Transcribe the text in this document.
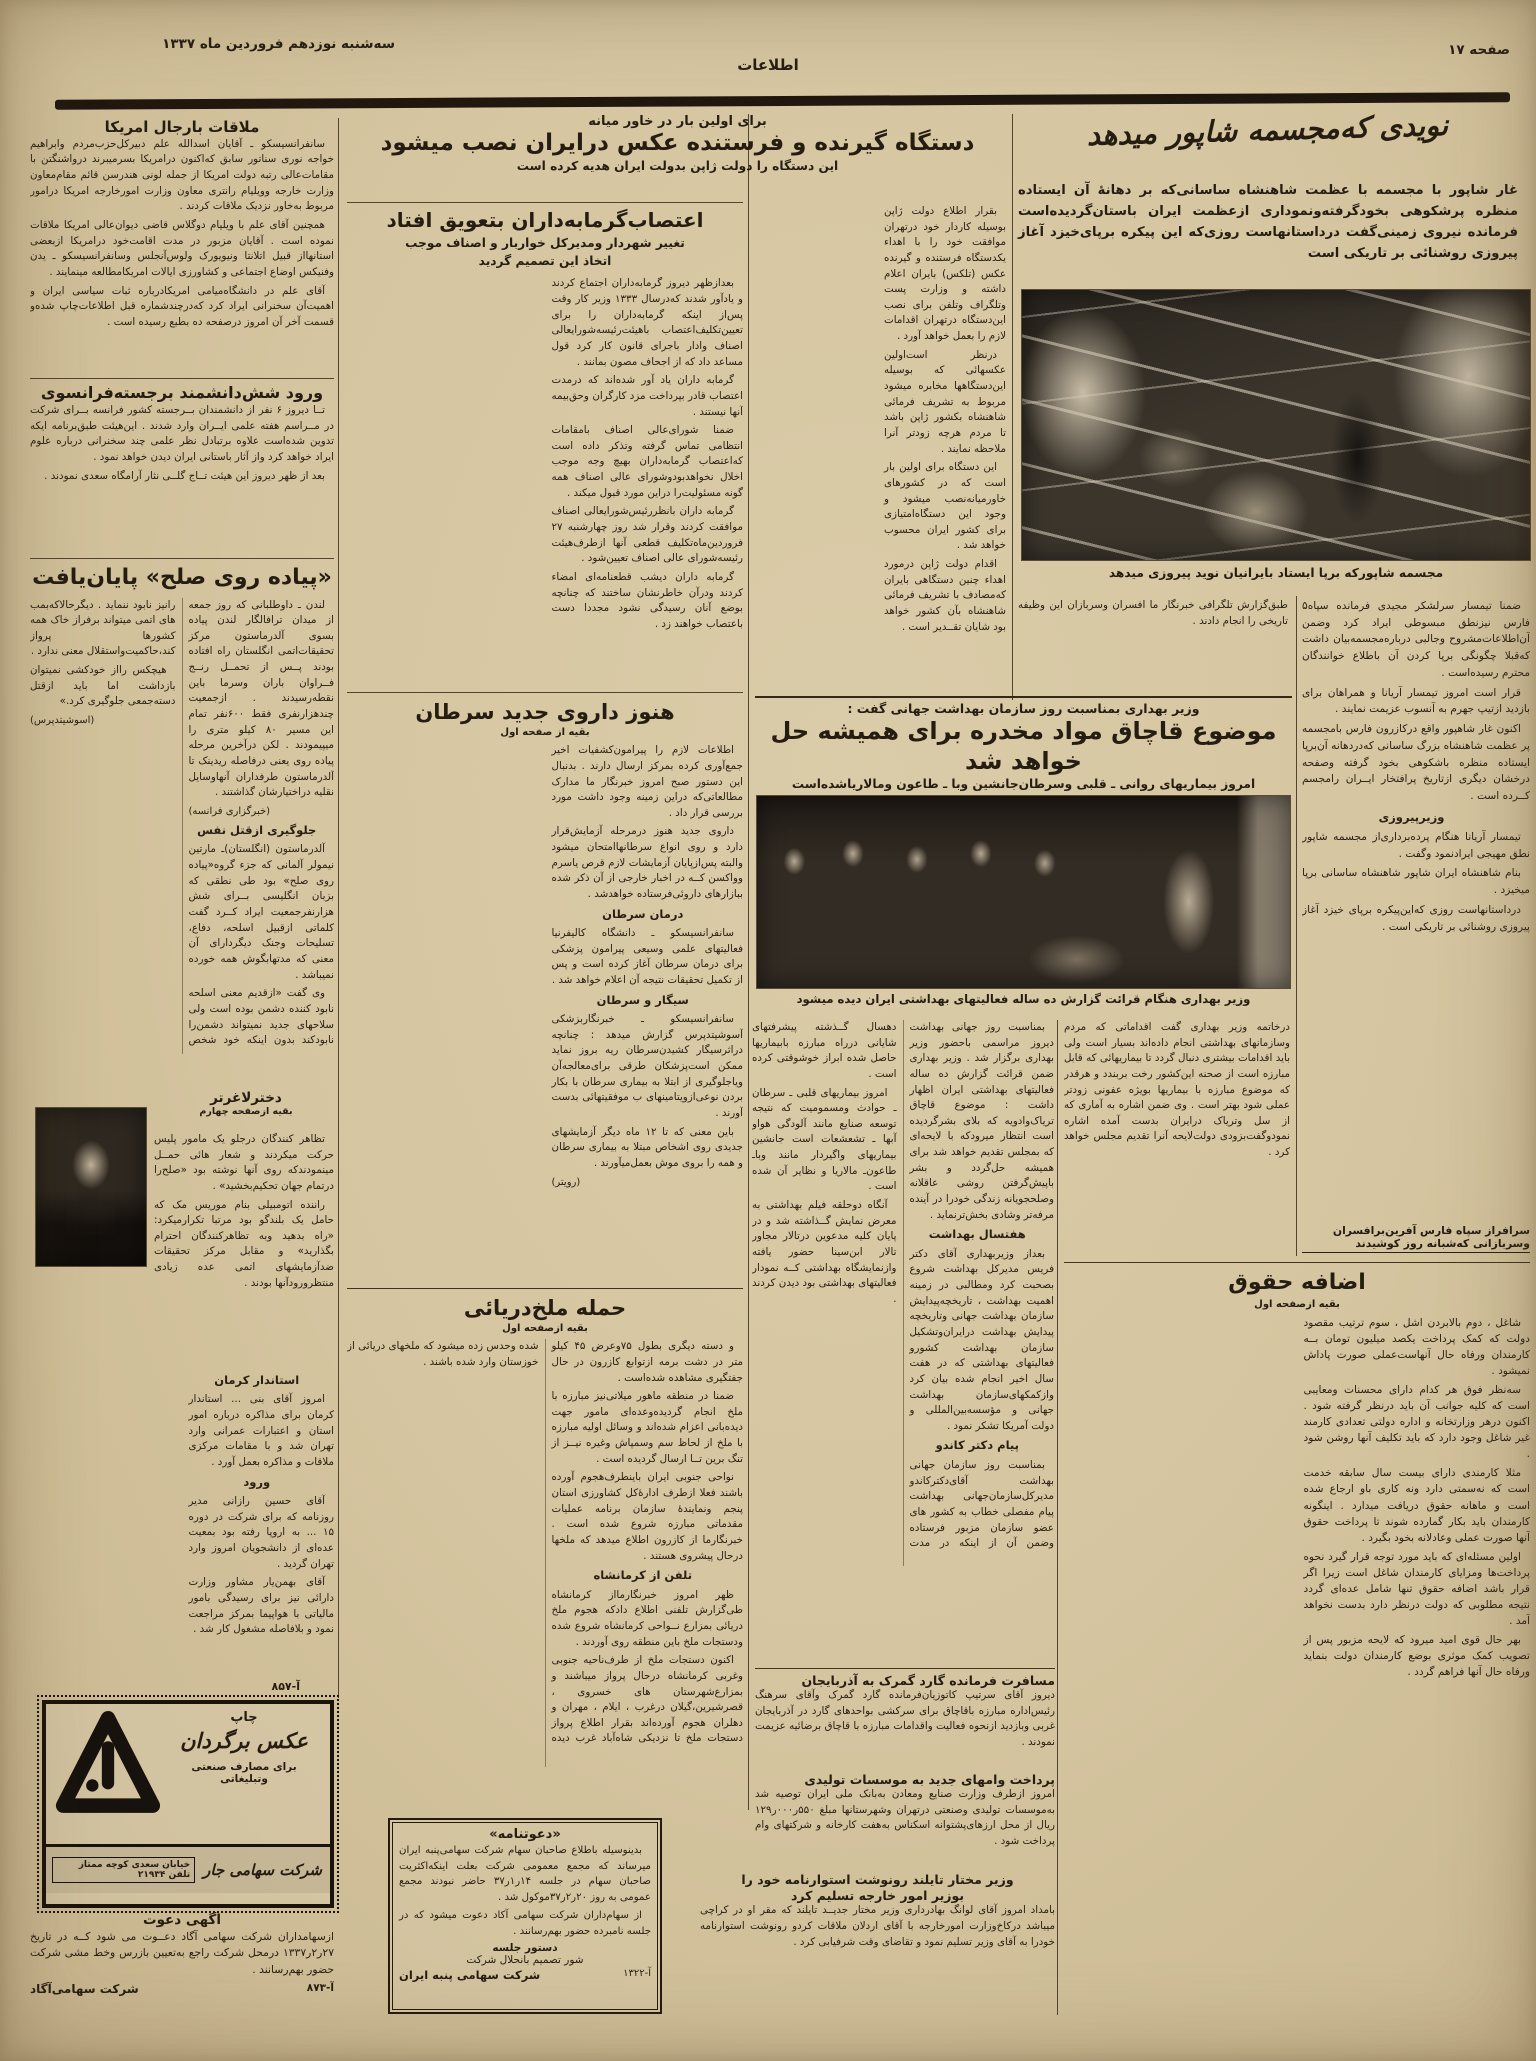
سه‌شنبه نوزدهم فروردین ماه ۱۳۳۷
اطلاعات
صفحه ۱۷
ملاقات بارجال امریکا

سانفرانسیسکو ـ آقایان اسدالله علم دبیرکل‌حزب‌مردم وابراهیم خواجه نوری سناتور سابق که‌اکنون درامریکا بسرمیبرند درواشنگتن با مقامات‌عالی رتبه دولت امریکا از جمله لونی هندرسن قائم مقام‌معاون وزارت خارجه وویلیام رانتری معاون وزارت امورخارجه امریکا درامور مربوط به‌خاور نزدیک ملاقات کردند .

همچنین آقای علم با ویلیام دوگلاس قاضی دیوان‌عالی امریکا ملاقات نموده است . آقایان مزبور در مدت اقامت‌خود درامریکا ازبعضی استانهااز قبیل اتلانتا ونیویورک ولوس‌آنجلس وسانفرانسیسکو ـ یدن وفنیکس اوضاع اجتماعی و کشاورزی ایالات امریکامطالعه مینمایند .

آقای علم در دانشگاه‌میامی امریکادرباره ثبات سیاسی ایران و اهمیت‌آن سخنرانی ایراد کرد که‌درچندشماره قبل اطلاعات‌چاپ شده‌و قسمت آخر آن امروز درصفحه ده بطبع رسیده است .

ورود شش‌دانشمند برجسته‌فرانسوی

تــا دیروز ۶ نفر از دانشمندان بــرجسته کشور فرانسه بــرای شرکت در مــراسم هفته علمی ایــران وارد شدند . این‌هیئت طبق‌برنامه ایکه تدوین شده‌است علاوه برتبادل نظر علمی چند سخنرانی درباره علوم ایراد خواهد کرد واز آثار باستانی ایران دیدن خواهد نمود .

بعد از ظهر دیروز این هیئت تــاج گلــی نثار آرامگاه سعدی نمودند .

«پیاده روی صلح» پایان‌یافت

لندن ـ داوطلبانی که روز جمعه از میدان ترافالگار لندن پیاده بسوی آلدرماستون مرکز تحقیقات‌اتمی انگلستان راه افتاده بودند پــس از تحمــل رنــج فــراوان باران وسرما باین نقطه‌رسیدند . ازجمعیت چندهزارنفری فقط ۶۰۰نفر تمام این مسیر ۸۰ کیلو متری را میپیمودند . لکن درآخرین مرحله پیاده روی یعنی درفاصله ریدینک تا آلدرماستون طرفداران آنهاوسایل نقلیه دراختیارشان گذاشتند .

(خبرگزاری فرانسه)

جلوگیری ازقتل نفس

آلدرماستون (انگلستان)ـ مارتین نیمولر آلمانی که جزء گروه«پیاده روی صلح» بود طی نطقی که بزبان انگلیسی بــرای شش هزارنفرجمعیت ایراد کــرد گفت کلماتی ازقبیل اسلحه، دفاع، تسلیحات وجنک دیگردارای آن معنی که مدتهابگوش همه خورده نمیباشد .

وی گفت «ازقدیم معنی اسلحه نابود کننده دشمن بوده است ولی سلاحهای جدید نمیتواند دشمن‌را نابودکند بدون اینکه خود شخص رانیز نابود ننماید . دیگرحالاکه‌بمب های اتمی میتواند برفراز خاک همه کشورها پرواز کند،حاکمیت‌واستقلال معنی ندارد .

هیچکس رااز خودکشی نمیتوان بازداشت اما باید ازقتل دسته‌جمعی جلوگیری کرد.»

(اسوشیتدپرس)

دخترلاغرتر
بقیه ازصفحه چهارم

تظاهر کنندگان درجلو یک مامور پلیس حرکت میکردند و شعار هائی حمــل مینمودندکه روی آنها نوشته بود «صلح‌را درتمام جهان تحکیم‌بخشید» .

راننده اتومبیلی بنام موریس مک که حامل یک بلندگو بود مرتبا تکرارمیکرد: «راه بدهید وبه تظاهرکنندگان احترام بگذارید» و مقابل مرکز تحقیقات ضدآزمایشهای اتمی عده زیادی منتظرورودآنها بودند .

استاندار کرمان

امروز آقای بنی ... استاندار کرمان برای مذاکره درباره امور استان و اعتبارات عمرانی وارد تهران شد و با مقامات مرکزی ملاقات و مذاکره بعمل آورد .

ورود

آقای حسین رازانی مدیر روزنامه که برای شرکت در دوره ۱۵ ... به اروپا رفته بود بمعیت عده‌ای از دانشجویان امروز وارد تهران گردید .

آقای بهمن‌یار مشاور وزارت دارائی نیز برای رسیدگی بامور مالیاتی با هواپیما بمرکز مراجعت نمود و بلافاصله مشغول کار شد .

آ-۸۵۷
چاپ
عکس برگردان
برای مصارف صنعتی وتبلیغاتی
شرکت سهامی جار
خیابان سعدی کوچه ممتاز تلفن ۲۱۹۳۴
اگهی دعوت
ازسهامداران شرکت سهامی آگاد دعــوت می شود کــه در تاریخ ۲۷ر۲ر۱۳۳۷ درمحل شرکت راجع به‌تعیین بازرس وخط مشی شرکت حضور بهم‌رسانند .
آ-۸۷۳
شرکت سهامی‌آگاد
برای اولین بار در خاور میانه
دستگاه گیرنده و فرستنده عکس درایران نصب میشود
این دستگاه را دولت ژاپن بدولت ایران هدیه کرده است

بقرار اطلاع دولت ژاپن بوسیله کاردار خود درتهران موافقت خود را با اهداء یکدستگاه فرستنده و گیرنده عکس (تلکس) بایران اعلام داشته و وزارت پست وتلگراف وتلفن برای نصب این‌دستگاه درتهران اقدامات لازم را بعمل خواهد آورد .

درنظر است‌اولین عکسهائی که بوسیله این‌دستگاهها مخابره میشود مربوط به تشریف فرمائی شاهنشاه بکشور ژاپن باشد تا مردم هرچه زودتر آنرا ملاحظه نمایند .

این دستگاه برای اولین بار است که در کشورهای خاورمیانه‌نصب میشود و وجود این دستگاه‌امتیازی برای کشور ایران محسوب خواهد شد .

اقدام دولت ژاپن درمورد اهداء چنین دستگاهی بایران که‌مصادف با تشریف فرمائی شاهنشاه بآن کشور خواهد بود شایان تقــدیر است .

اعتصاب‌گرمابه‌داران بتعویق افتاد
تغییر شهردار ومدیرکل خواربار و اصناف موجب اتخاذ این تصمیم گردید

بعدازظهر دیروز گرمابه‌داران اجتماع کردند و یادآور شدند که‌درسال ۱۳۳۳ وزیر کار وقت پس‌از اینکه گرمابه‌داران را برای تعیین‌تکلیف‌اعتصاب باهیئت‌رئیسه‌شورایعالی اصناف وادار باجرای قانون کار کرد قول مساعد داد که از اجحاف مصون بمانند .

گرمابه داران یاد آور شده‌اند که درمدت اعتصاب قادر بپرداخت مزد کارگران وحق‌بیمه آنها نیستند .

ضمنا شورای‌عالی اصناف بامقامات انتظامی تماس گرفته وتذکر داده است که‌اعتصاب گرمابه‌داران بهیچ وجه موجب اخلال نخواهدبودوشورای عالی اصناف همه گونه مسئولیت‌را دراین مورد قبول میکند .

گرمابه داران بانظررئیس‌شورایعالی اصناف موافقت کردند وقرار شد روز چهارشنبه ۲۷ فروردین‌ماه‌تکلیف قطعی آنها ازطرف‌هیئت رئیسه‌شورای عالی اصناف تعیین‌شود .

گرمابه داران دیشب قطعنامه‌ای امضاء کردند ودرآن خاطرنشان ساختند که چنانچه بوضع آنان رسیدگی نشود مجددا دست باعتصاب خواهند زد .

هنوز داروی جدید سرطان
بقیه از صفحه اول

اطلاعات لازم را پیرامون‌کشفیات اخیر جمع‌آوری کرده بمرکز ارسال دارند . بدنبال این دستور صبح امروز خبرنگار ما مدارک مطالعاتی‌که دراین زمینه وجود داشت مورد بررسی قرار داد .

داروی جدید هنوز درمرحله آزمایش‌قرار دارد و روی انواع سرطانهاامتحان میشود والبته پس‌ازپایان آزمایشات لازم قرص یاسرم وواکسن کــه در اخبار خارجی از آن ذکر شده ببازارهای داروئی‌فرستاده خواهدشد .

درمان سرطان

سانفرانسیسکو ـ دانشگاه کالیفرنیا فعالیتهای علمی وسیعی پیرامون پزشکی برای درمان سرطان آغاز کرده است و پس از تکمیل تحقیقات نتیجه آن اعلام خواهد شد .

سیگار و سرطان

سانفرانسیسکو ـ خبرنگاربزشکی آسوشیتدپرس گزارش میدهد : چنانچه دراثرسیگار کشیدن‌سرطان ریه بروز نماید ممکن است‌پزشکان طرقی برای‌معالجه‌آن ویاجلوگیری از ابتلا به بیماری سرطان با بکار بردن نوعی‌ازویتامینهای ب موفقیتهائی بدست آورند .

باین معنی که تا ۱۲ ماه دیگر آزمایشهای جدیدی روی اشخاص مبتلا به بیماری سرطان و همه را بروی موش بعمل‌میآورند .

(رویتر)

حمله ملخ‌دریائی
بقیه ازصفحه اول

و دسته دیگری بطول ۷۵وعرض ۴۵ کیلو متر در دشت برمه ازتوابع کازرون در حال جفتگیری مشاهده شده‌است .

ضمنا در منطقه ماهور میلاتی‌نیز مبارزه با ملخ انجام گردیده‌وعده‌ای مامور جهت دیده‌بانی اعزام شده‌اند و وسائل اولیه مبارزه با ملخ از لحاظ سم وسمپاش وغیره نیــز از تنگ برین تــا ارسال گردیده است .

نواحی جنوبی ایران باینطرف‌هجوم آورده باشند فعلا ازطرف ادارهٔ‌کل کشاورزی استان پنجم ونمایندهٔ سازمان برنامه عملیات مقدماتی مبارزه شروع شده است . خبرنگارما از کازرون اطلاع میدهد که ملخها درحال پیشروی هستند .

تلفن از کرمانشاه

ظهر امروز خبرنگارمااز کرمانشاه طی‌گزارش تلفنی اطلاع دادکه هجوم ملخ دریائی بمزارع نــواحی کرمانشاه شروع شده ودستجات ملخ باین منطقه روی آوردند .

اکنون دستجات ملخ از طرف‌ناحیه جنوبی وغربی کرمانشاه درحال پرواز میباشند و بمزارع‌شهرستان های خسروی ، قصرشیرین،گیلان درغرب ، ایلام ، مهران و دهلران هجوم آورده‌اند بقرار اطلاع پرواز دستجات ملخ تا نزدیکی شاه‌آباد غرب دیده شده وحدس زده میشود که ملخهای دریائی از خوزستان وارد شده باشند .

«دعوتنامه»

بدینوسیله باطلاع صاحبان سهام شرکت سهامی‌پنبه ایران میرساند که مجمع معمومی شرکت بعلت اینکه‌اکثریت صاحبان سهام در جلسه ۱۴ر۱ر۳۷ حاضر نبودند مجمع عمومی به روز ۲۰ر۲ر۳۷موکول شد .

از سهام‌داران شرکت سهامی آکاد دعوت میشود که در جلسه نامبرده حضور بهم‌رسانند .

دستور جلسه
شور تصمیم بانحلال شرکت
آ-۱۳۲۲
شرکت سهامی پنبه ایران
وزیر بهداری بمناسبت روز سازمان بهداشت جهانی گفت :
موضوع قاچاق مواد مخدره برای همیشه حل خواهد شد
امروز بیماریهای روانی ـ قلبی وسرطان‌جانشین وبا ـ طاعون ومالاریاشده‌است
وزیر بهداری هنگام قرائت گزارش ده ساله فعالیتهای بهداشتی ایران دیده میشود

بمناسبت روز جهانی بهداشت دیروز مراسمی باحضور وزیر بهداری برگزار شد . وزیر بهداری ضمن قرائت گزارش ده ساله فعالیتهای بهداشتی ایران اظهار داشت : موضوع قاچاق تریاک‌وادویه که بلای بشرگردیده است انتظار میرودکه با لایحه‌ای که بمجلس تقدیم خواهد شد برای همیشه حل‌گردد و بشر باپیش‌گرفتن روشی عاقلانه وصلحجویانه زندگی خودرا در آینده مرفه‌تر وشادی بخش‌ترنماید .

هفتسال بهداشت

بعداز وزیربهداری آقای دکتر فریس مدیرکل بهداشت شروع بصحبت کرد ومطالبی در زمینه اهمیت بهداشت ، تاریخچه‌پیدایش سازمان بهداشت جهانی وتاریخچه پیدایش بهداشت درایران‌وتشکیل سازمان بهداشت کشورو فعالیتهای بهداشتی که در هفت سال اخیر انجام شده بیان کرد وازکمکهای‌سازمان بهداشت جهانی و مؤسسه‌بین‌المللی و دولت آمریکا تشکر نمود .

پیام دکتر کاندو

بمناسبت روز سازمان جهانی بهداشت آقای‌دکترکاندو مدیرکل‌سازمان‌جهانی بهداشت پیام مفصلی خطاب به کشور های عضو سازمان مزبور فرستاده وضمن آن از اینکه در مدت دهسال گــذشته پیشرفتهای شایانی درراه مبارزه بابیماریها حاصل شده ابراز خوشوقتی کرده است .

امروز بیماریهای قلبی ـ سرطان ـ حوادث ومسمومیت که نتیجه توسعه صنایع مانند آلودگی هواو آبها ـ تشعشعات است جانشین بیماریهای واگیردار مانند وباـ طاعون‌ـ مالاریا و نظایر آن شده است .

آنگاه دوحلقه فیلم بهداشتی به معرض نمایش گــذاشته شد و در پایان کلیه مدعوین درتالار مجاور تالار ابن‌سینا حضور یافته وازنمایشگاه بهداشتی کــه نمودار فعالیتهای بهداشتی بود دیدن کردند .

درخاتمه وزیر بهداری گفت اقداماتی که مردم وسازمانهای بهداشتی انجام داده‌اند بسیار است ولی باید اقدامات بیشتری دنبال گردد تا بیماریهائی که قابل مبارزه است از صحنه این‌کشور رخت بربندد و هرقدر که موضوع مبارزه با بیماریها بویژه عفونی زودتر عملی شود بهتر است . وی ضمن اشاره به آماری که از سل وتریاک درایران بدست آمده اشاره نمودوگفت‌بزودی دولت‌لایحه آنرا تقدیم مجلس خواهد کرد .
مسافرت فرمانده گارد گمرک به آذربایجان
دیروز آقای سرتیپ کاتوزیان‌فرمانده گارد گمرک وآقای سرهنگ رئیس‌اداره مبارزه باقاچاق برای سرکشی بواحدهای گارد در آذربایجان غربی وبازدید ازنحوه فعالیت واقدامات مبارزه با قاچاق برضائیه عزیمت نمودند .
پرداخت وامهای جدید به موسسات تولیدی
امروز ازطرف وزارت صنایع ومعادن به‌بانک ملی ایران توصیه شد به‌موسسات تولیدی وصنعتی درتهران وشهرستانها مبلغ ۵۵۰ر۰۰۰ر۱۲۹ ریال از محل ارزهای‌پشتوانه اسکناس به‌هفت کارخانه و شرکتهای وام پرداخت شود .
وزیر مختار تایلند رونوشت استوارنامه خود را
بوزیر امور خارجه تسلیم کرد
بامداد امروز آقای لوانگ بهادرداری وزیر مختار جدیــد تایلند که مقر او در کراچی میباشد درکاخ‌وزارت امورخارجه با آقای اردلان ملاقات کردو رونوشت استوارنامه خودرا به آقای وزیر تسلیم نمود و تقاضای وقت شرفیابی کرد .
نویدی که‌مجسمه شاپور میدهد
غار شاپور با مجسمه با عظمت شاهنشاه ساسانی‌که بر دهانهٔ آن ایستاده منظره پرشکوهی بخودگرفته‌ونموداری ازعظمت ایران باستان‌گردیده‌است فرمانده نیروی زمینی‌گفت درداستانهاست روزی‌که این پیکره برپای‌خیزد آغاز پیروزی روشنائی بر تاریکی است
مجسمه شاپورکه برپا ایستاد بایرانیان نوید پیروزی میدهد
طبق‌گزارش تلگرافی خبرنگار ما افسران وسربازان این وظیفه تاریخی را انجام دادند .

ضمنا تیمسار سرلشکر مجیدی فرمانده سپاه۵ فارس نیزنطق مبسوطی ایراد کرد وضمن آن‌اطلاعات‌مشروح وجالبی درباره‌مجسمه‌بیان داشت که‌قبلا چگونگی برپا کردن آن باطلاع خوانندگان محترم رسیده‌است .

قرار است امروز تیمسار آریانا و همراهان برای بازدید ازتیپ جهرم به آنسوب عزیمت نمایند .

اکنون غار شاهپور واقع درکازرون فارس بامجسمه پر عظمت شاهنشاه بزرگ ساسانی که‌دردهانه آن‌برپا ایستاده منظره باشکوهی بخود گرفته وصفحه درخشان دیگری ازتاریخ پرافتخار ایــران رامجسم کــرده است .

وزیرپیروزی

تیمسار آریانا هنگام پرده‌برداری‌از مجسمه شاپور نطق مهیجی ایرادنمود وگفت .

بنام شاهنشاه ایران شاپور شاهنشاه ساسانی برپا میخیزد .

درداستانهاست روزی که‌این‌پیکره برپای خیزد آغاز پیروزی روشنائی بر تاریکی است .

سرافراز سپاه فارس آفرین‌برافسران وسربازانی که‌شبانه روز کوشیدند
اضافه حقوق
بقیه ازصفحه اول

شاغل ، دوم بالابردن اشل ، سوم ترتیب مقصود دولت که کمک پرداخت یکصد میلیون تومان بــه کارمندان ورفاه حال آنهاست‌عملی صورت پاداش نمیشود .

سه‌نظر فوق هر کدام دارای محسنات ومعایبی است که کلیه جوانب آن باید درنظر گرفته شود . اکنون درهر وزارتخانه و اداره دولتی تعدادی کارمند غیر شاغل وجود دارد که باید تکلیف آنها روشن شود .

مثلا کارمندی دارای بیست سال سابقه خدمت است که نه‌سمتی دارد ونه کاری باو ارجاع شده است و ماهانه حقوق دریافت میدارد . اینگونه کارمندان باید بکار گمارده شوند تا پرداخت حقوق آنها صورت عملی وعادلانه بخود بگیرد .

اولین مسئله‌ای که باید مورد توجه قرار گیرد نحوه پرداخت‌ها ومزایای کارمندان شاغل است زیرا اگر قرار باشد اضافه حقوق تنها شامل عده‌ای گردد نتیجه مطلوبی که دولت درنظر دارد بدست نخواهد آمد .

بهر حال قوی امید میرود که لایحه مزبور پس از تصویب کمک موثری بوضع کارمندان دولت بنماید ورفاه حال آنها فراهم گردد .
